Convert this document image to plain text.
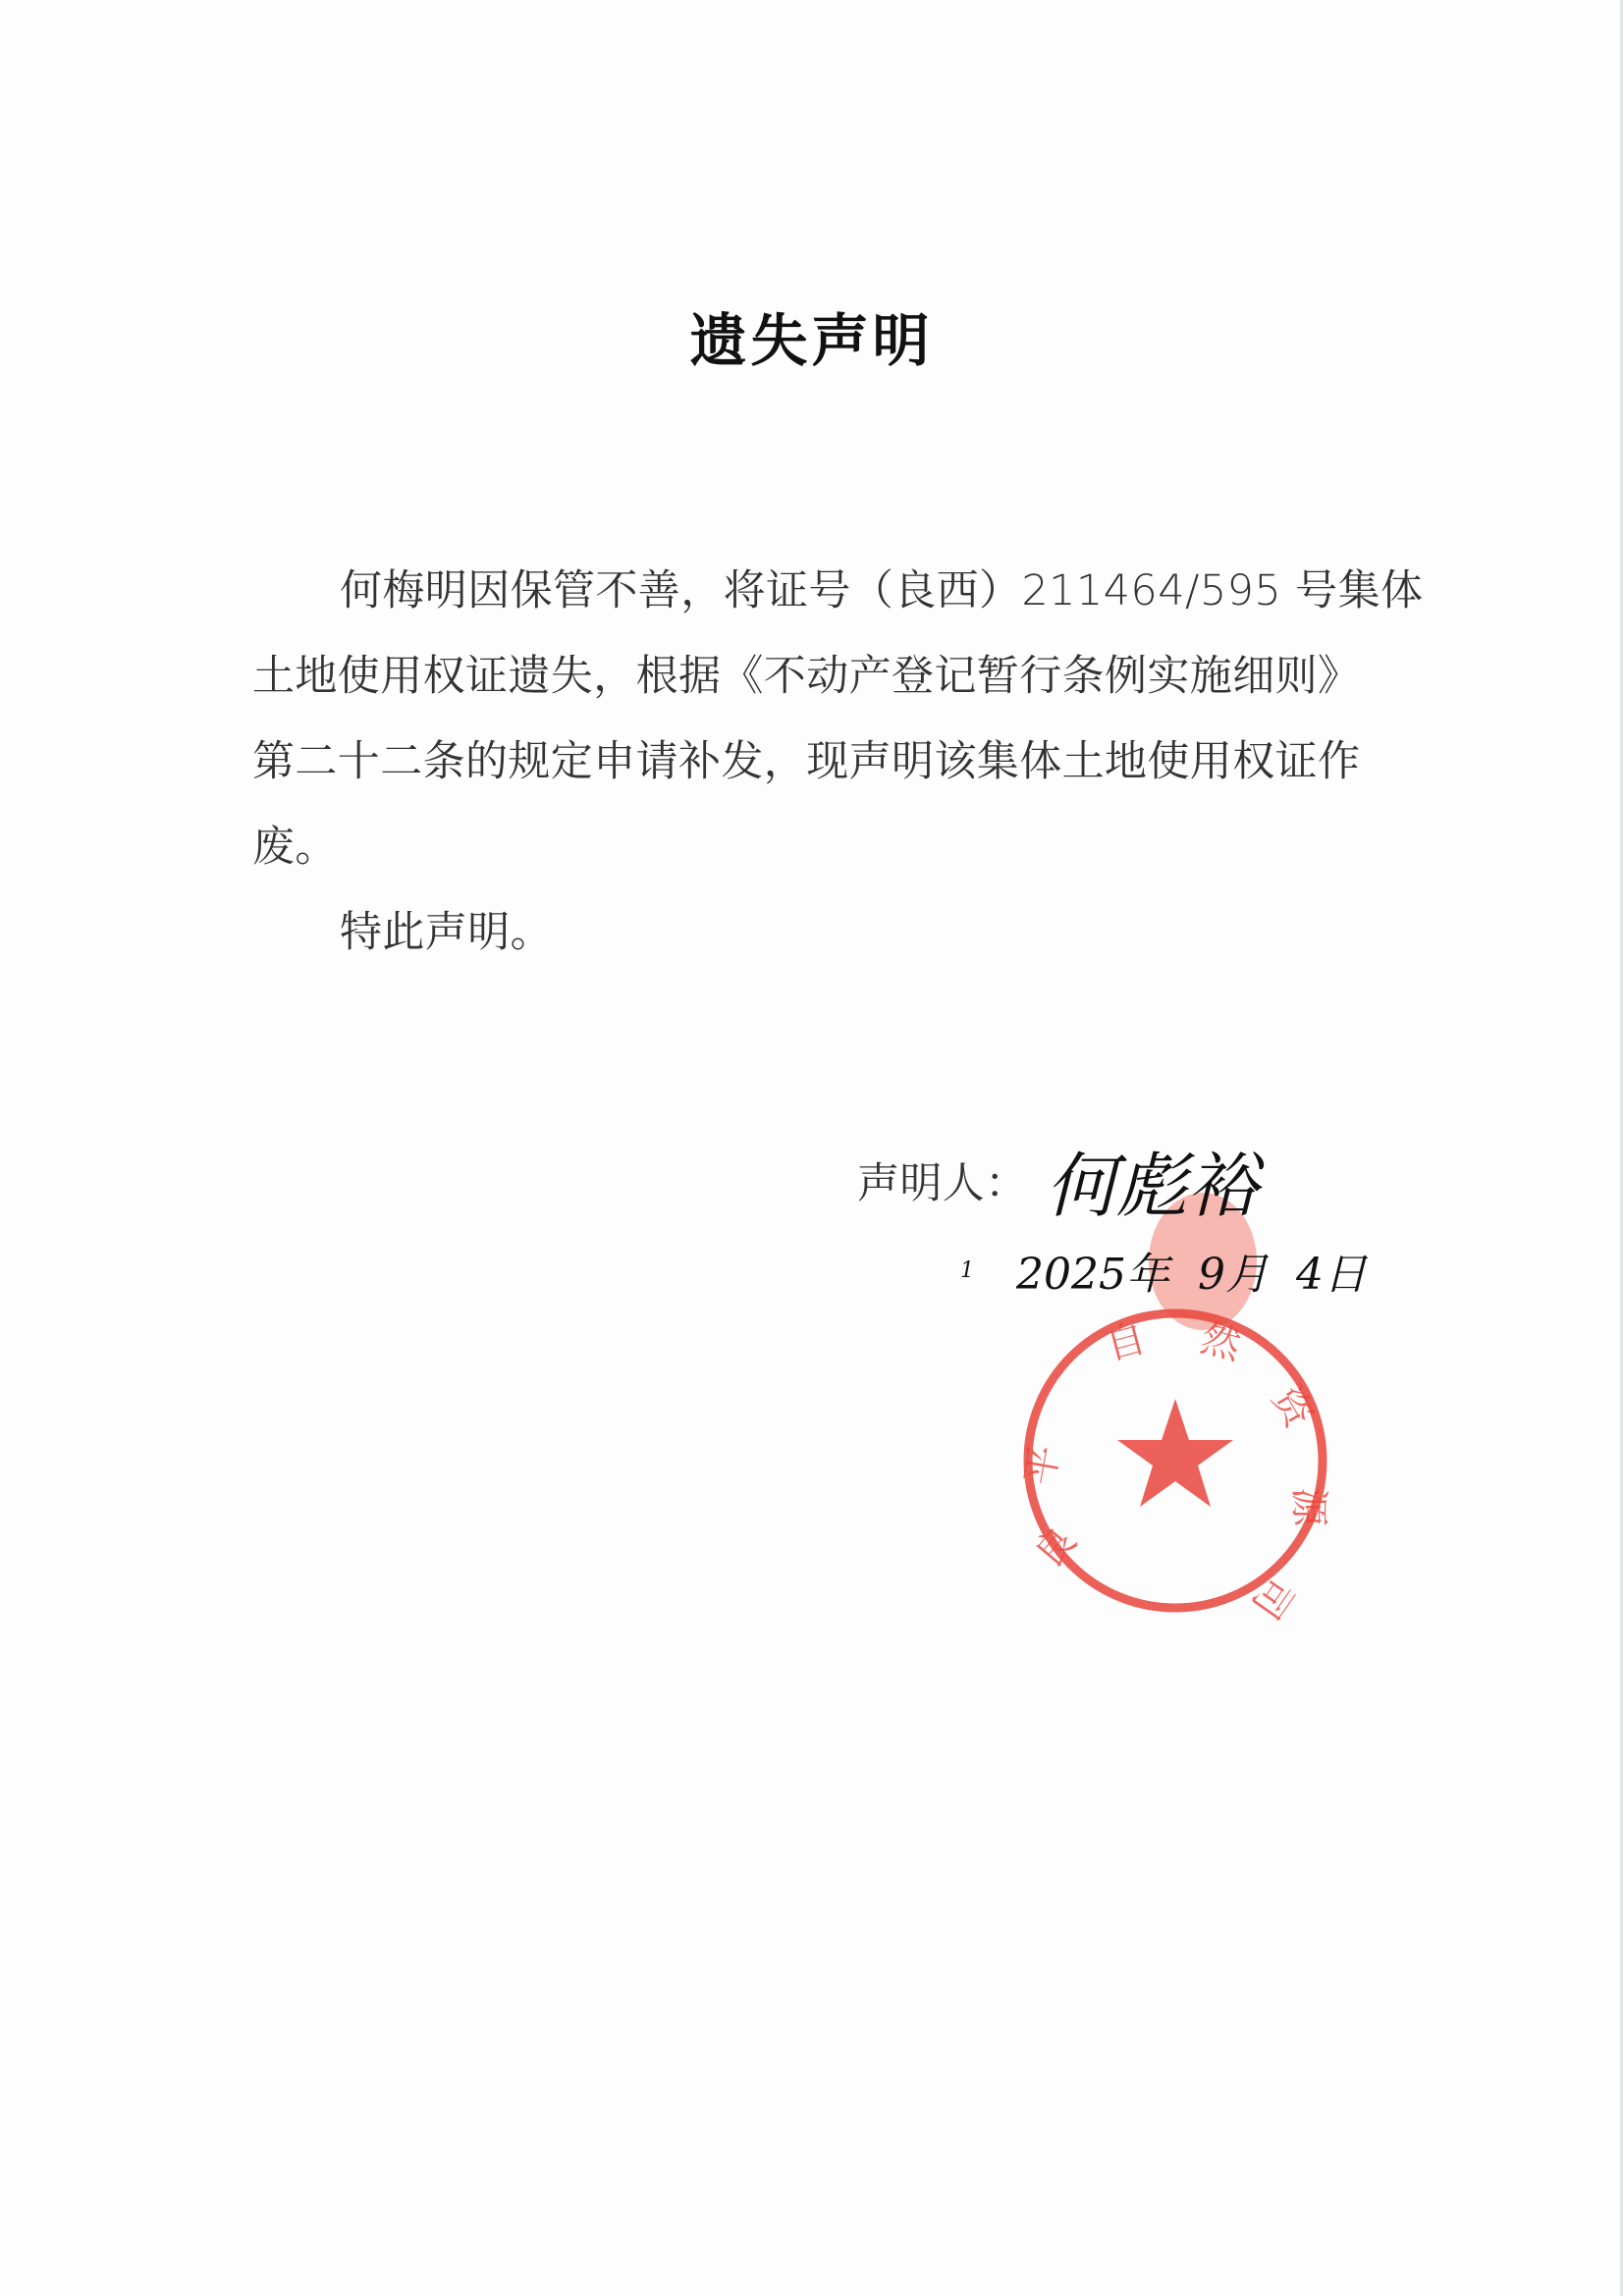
遗失声明
何梅明因保管不善，将证号（良西）211464/595 号集体
土地使用权证遗失，根据《不动产登记暂行条例实施细则》
第二十二条的规定申请补发，现声明该集体土地使用权证作
废。
特此声明。
良
平
自 然
资
源
司
声明人： 何彪裕
1 2025年 9月 4日
